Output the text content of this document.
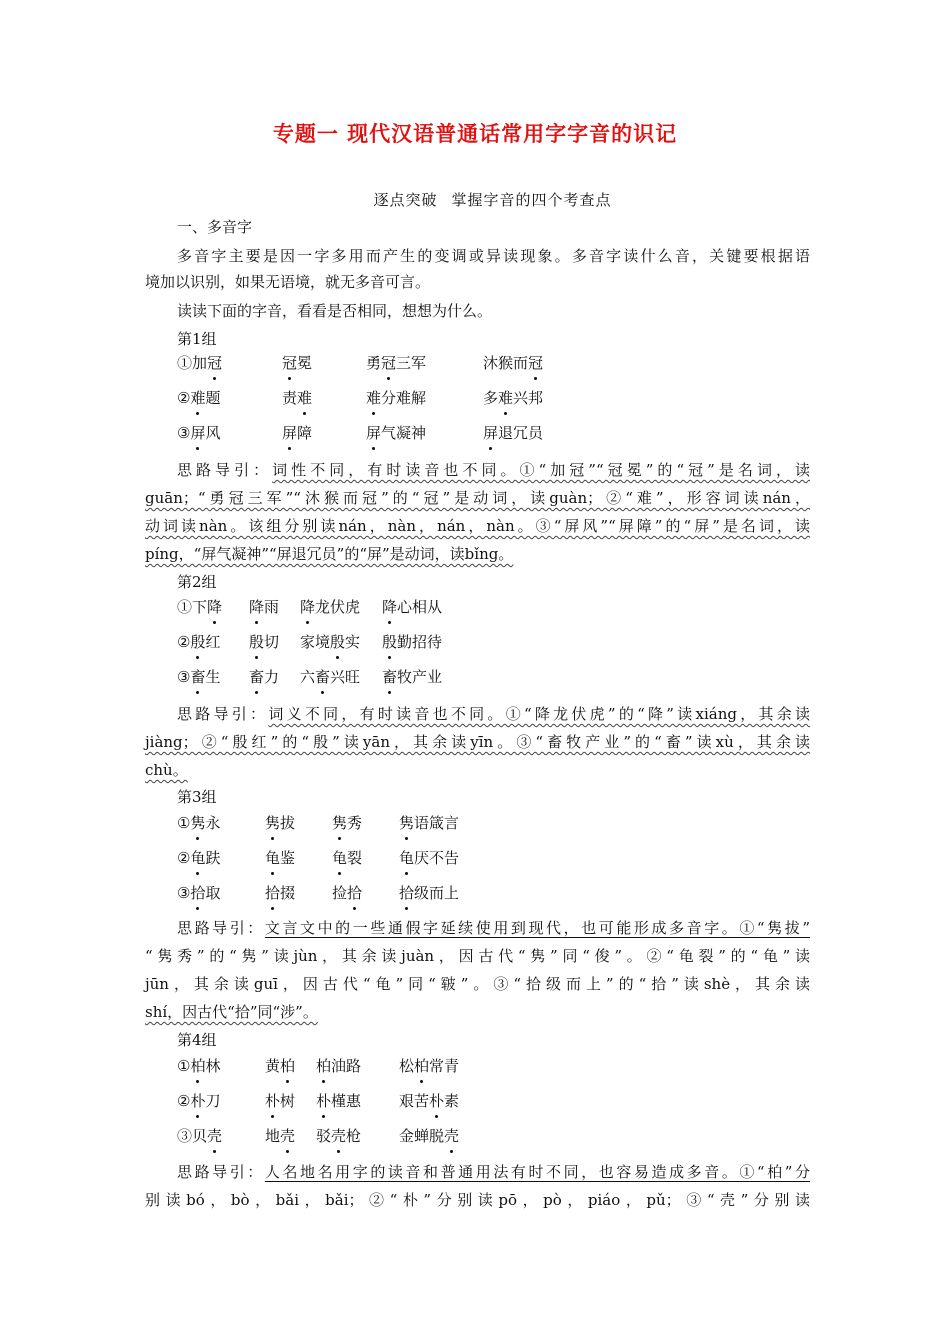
专题一 现代汉语普通话常用字字音的识记
逐点突破 掌握字音的四个考查点
一、多音字
多音字主要是因一字多用而产生的变调或异读现象。多音字读什么音，关键要根据语
境加以识别，如果无语境，就无多音可言。
读读下面的字音，看看是否相同，想想为什么。
第1组
①加冠	冠冕	勇冠三军	沐猴而冠
②难题	责难	难分难解	多难兴邦
③屏风	屏障	屏气凝神	屏退冗员
思路导引：词性不同，有时读音也不同。①“加冠”“冠冕”的“冠”是名词，读
guān；“勇冠三军”“沐猴而冠”的“冠”是动词，读guàn；②“难”，形容词读nán，
动词读nàn。该组分别读nán，nàn，nán，nàn。③“屏风”“屏障”的“屏”是名词，读
píng，“屏气凝神”“屏退冗员”的“屏”是动词，读bǐng。
第2组
①下降 降雨 降龙伏虎 降心相从
②殷红 殷切 家境殷实 殷勤招待
③畜生 畜力 六畜兴旺 畜牧产业
思路导引：词义不同，有时读音也不同。①“降龙伏虎”的“降”读xiáng，其余读
jiàng；②“殷红”的“殷”读yān，其余读yīn。③“畜牧产业”的“畜”读xù，其余读
chù。
第3组
①隽永	隽拔 隽秀 隽语箴言
②龟趺	龟鉴 龟裂 龟厌不告
③拾取	拾掇 捡拾 拾级而上
思路导引：文言文中的一些通假字延续使用到现代，也可能形成多音字。①“隽拔”
“隽秀”的“隽”读jùn，其余读juàn，因古代“隽”同“俊”。②“龟裂”的“龟”读
jūn，其余读guī，因古代“龟”同“皲”。③“拾级而上”的“拾”读shè，其余读
shí，因古代“拾”同“涉”。
第4组
①柏林	黄柏 柏油路	松柏常青
②朴刀	朴树 朴槿惠	艰苦朴素
③贝壳	地壳 驳壳枪	金蝉脱壳
思路导引：人名地名用字的读音和普通用法有时不同，也容易造成多音。①“柏”分
别读bó，bò，bǎi，bǎi；②“朴”分别读pō，pò，piáo，pǔ；③“壳”分别读
